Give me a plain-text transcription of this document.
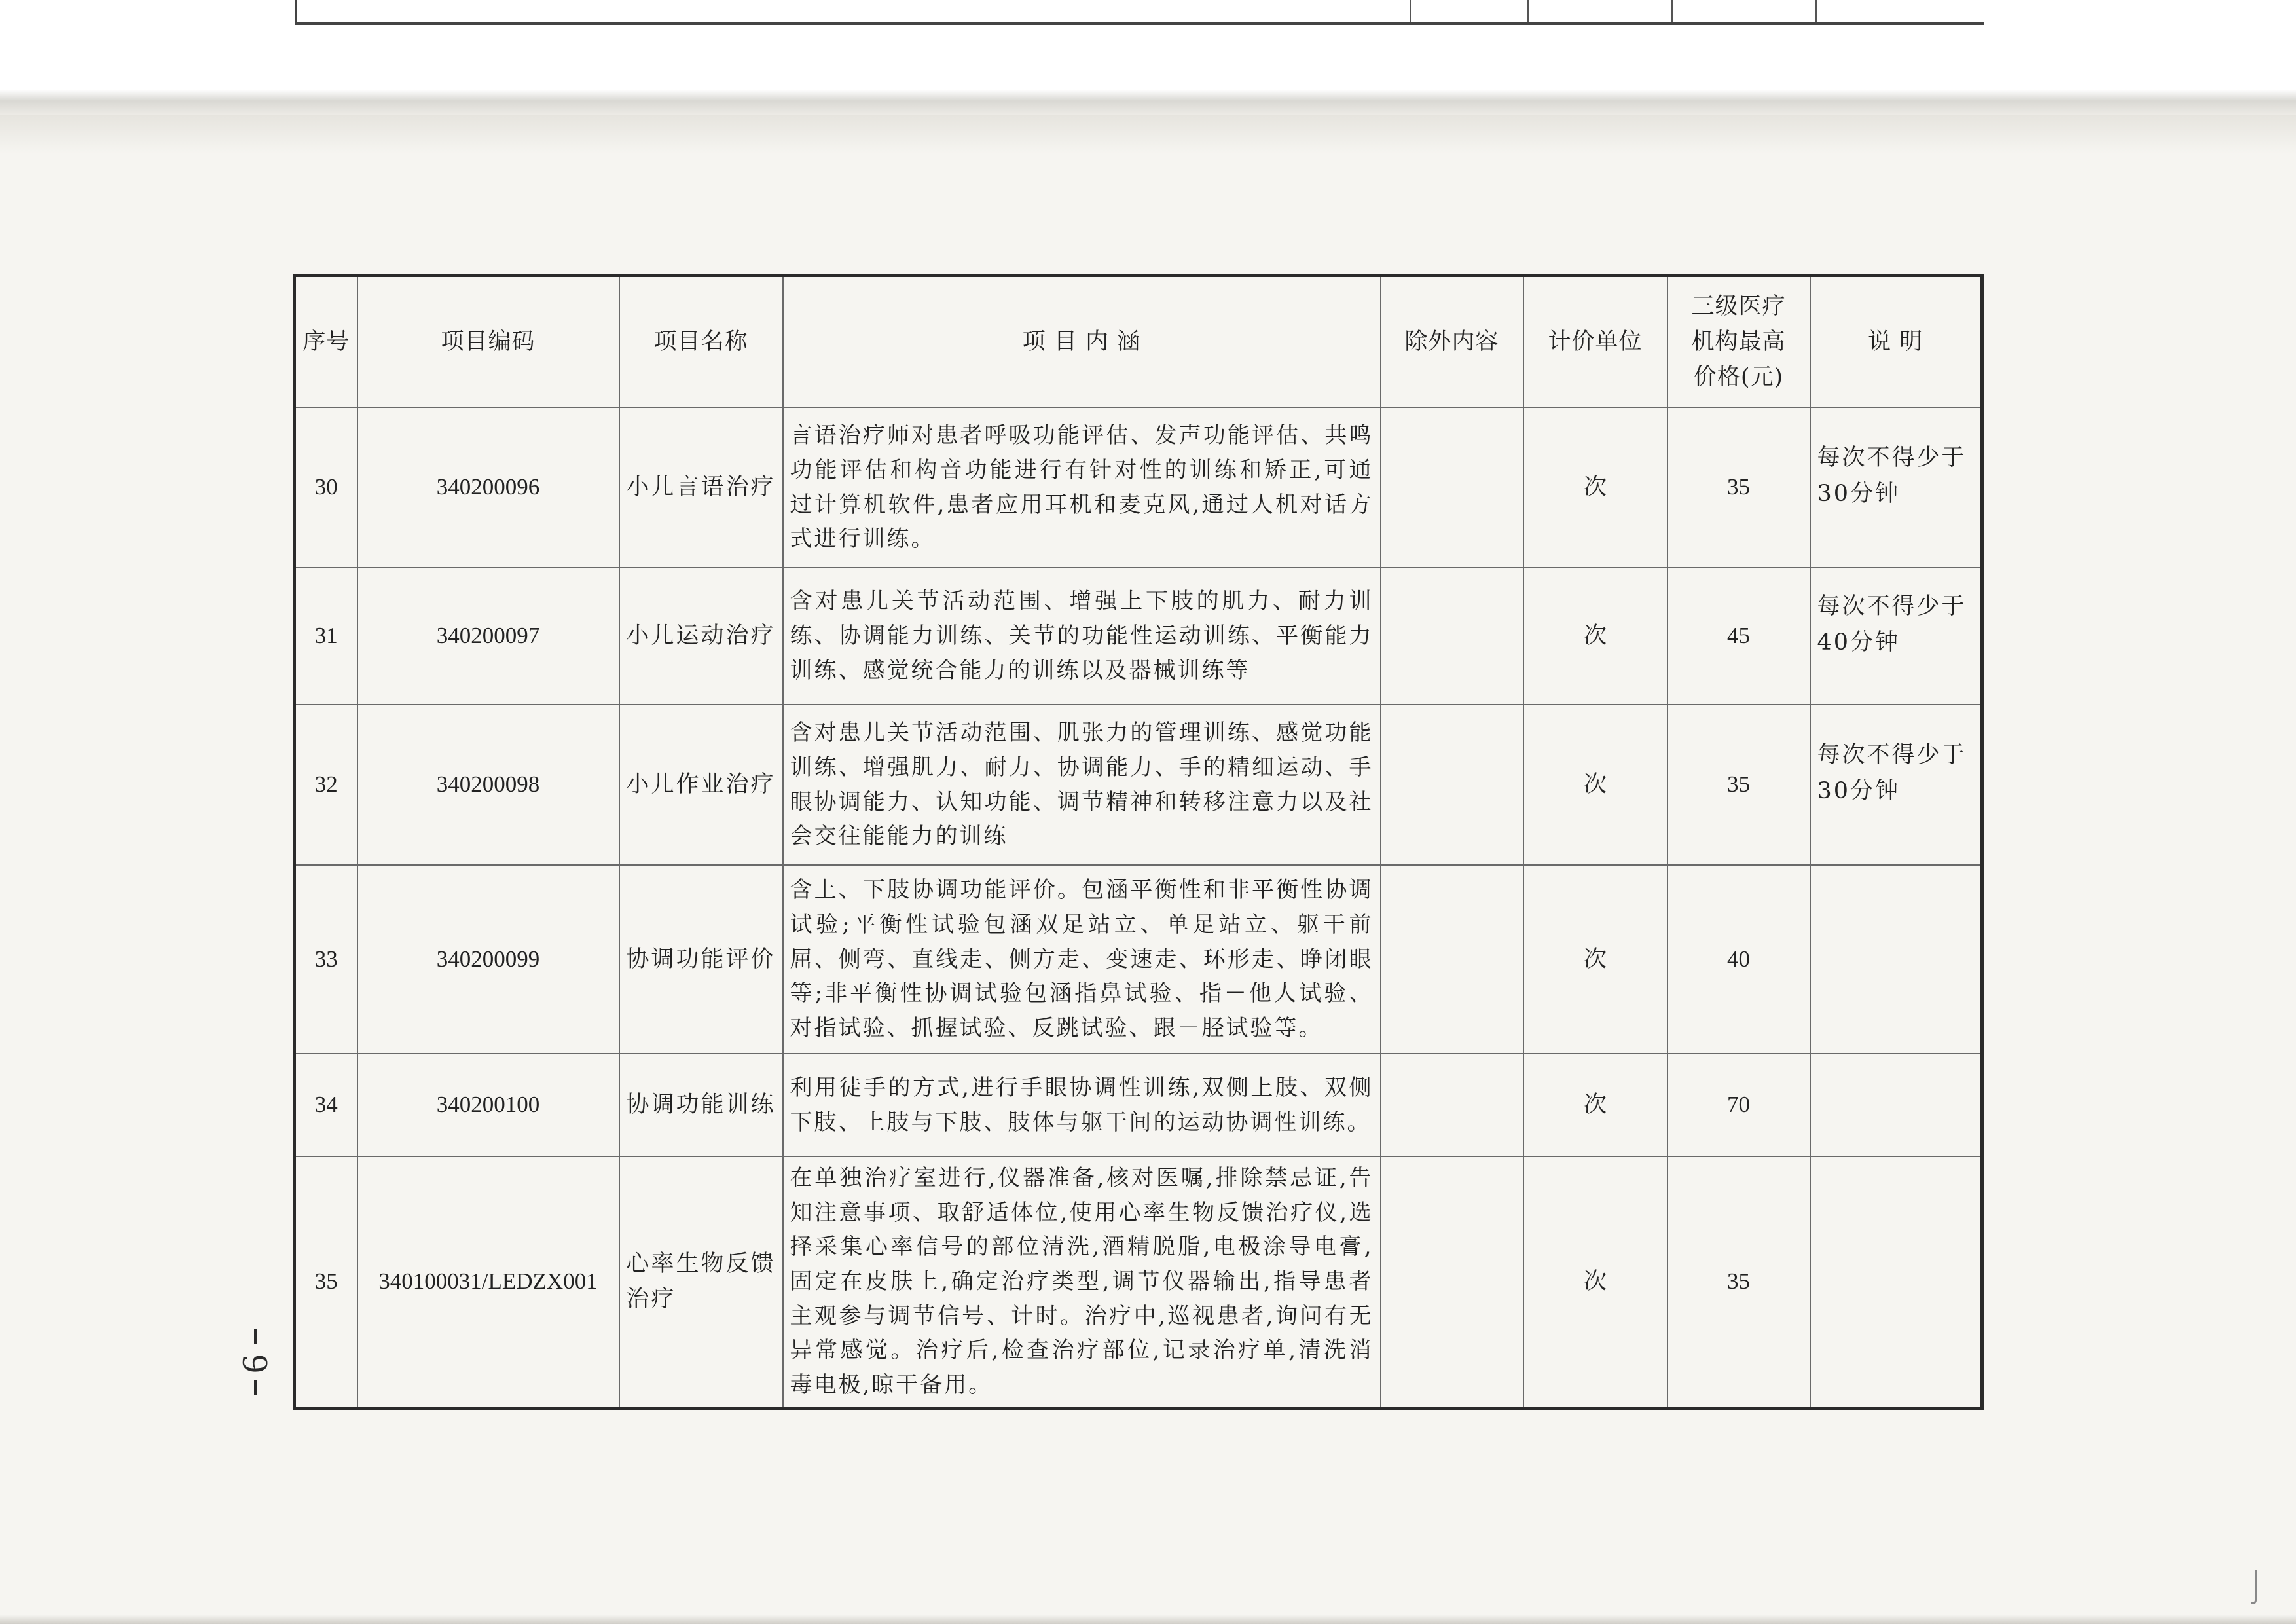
序号	项目编码	项目名称	项 目 内 涵	除外内容	计价单位	三级医疗
机构最高
价格(元)	说 明
30	340200096	小儿言语治疗	言语治疗师对患者呼吸功能评估、发声功能评估、共鸣功能评估和构音功能进行有针对性的训练和矫正,可通过计算机软件,患者应用耳机和麦克风,通过人机对话方式进行训练。		次	35	每次不得少于30分钟

31	340200097	小儿运动治疗	含对患儿关节活动范围、增强上下肢的肌力、耐力训练、协调能力训练、关节的功能性运动训练、平衡能力训练、感觉统合能力的训练以及器械训练等		次	45	每次不得少于40分钟

32	340200098	小儿作业治疗	含对患儿关节活动范围、肌张力的管理训练、感觉功能训练、增强肌力、耐力、协调能力、手的精细运动、手眼协调能力、认知功能、调节精神和转移注意力以及社会交往能能力的训练		次	35	每次不得少于30分钟

33	340200099	协调功能评价	含上、下肢协调功能评价。包涵平衡性和非平衡性协调试验;平衡性试验包涵双足站立、单足站立、躯干前屈、侧弯、直线走、侧方走、变速走、环形走、睁闭眼等;非平衡性协调试验包涵指鼻试验、指－他人试验、对指试验、抓握试验、反跳试验、跟－胫试验等。		次	40	
34	340200100	协调功能训练	利用徒手的方式,进行手眼协调性训练,双侧上肢、双侧下肢、上肢与下肢、肢体与躯干间的运动协调性训练。		次	70	
35	340100031/LEDZX001	心率生物反馈治疗	在单独治疗室进行,仪器准备,核对医嘱,排除禁忌证,告知注意事项、取舒适体位,使用心率生物反馈治疗仪,选择采集心率信号的部位清洗,酒精脱脂,电极涂导电膏,固定在皮肤上,确定治疗类型,调节仪器输出,指导患者主观参与调节信号、计时。治疗中,巡视患者,询问有无异常感觉。治疗后,检查治疗部位,记录治疗单,清洗消毒电极,晾干备用。		次	35	
6
